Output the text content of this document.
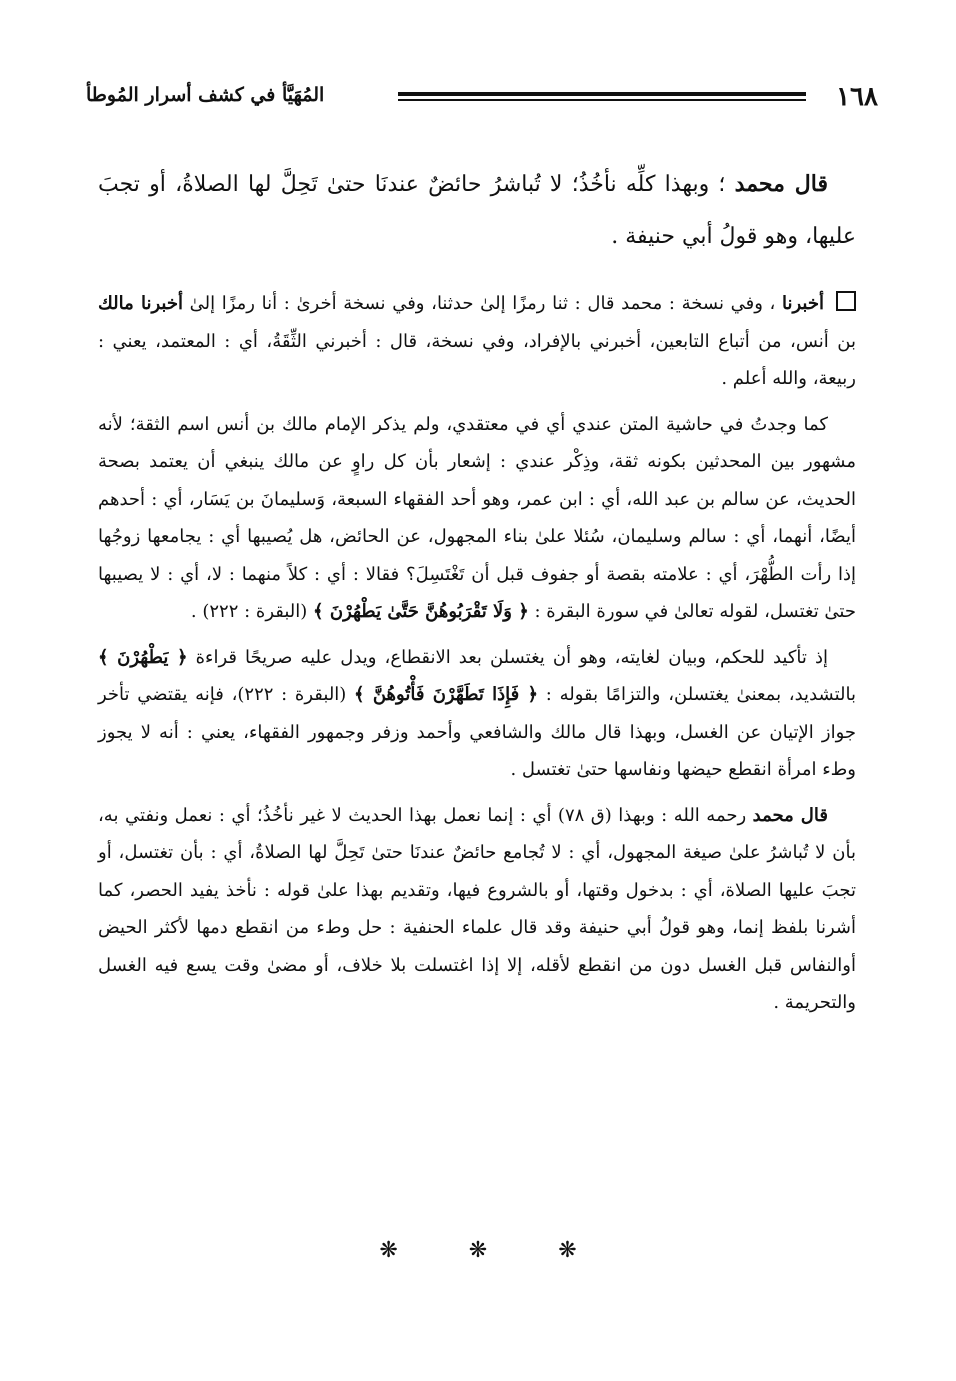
١٦٨
المُهَيَّأ في كشف أسرار المُوطأ

قال محمد ؛ وبهذا كلِّه نأخُذُ؛ لا تُباشرُ حائضٌ عندنَا حتىٰ تَحِلَّ لها الصلاةُ، أو تجبَ عليها، وهو قولُ أبي حنيفة .

أخبرنا ، وفي نسخة : محمد قال : ثنا رمزًا إلىٰ حدثنا، وفي نسخة أخرىٰ : أنا رمزًا إلىٰ أخبرنا مالك بن أنس، من أتباع التابعين، أخبرني بالإفراد، وفي نسخة، قال : أخبرني الثِّقَةُ، أي : المعتمد، يعني : ربيعة، والله أعلم .

كما وجدتُ في حاشية المتن عندي أي في معتقدي، ولم يذكر الإمام مالك بن أنس اسم الثقة؛ لأنه مشهور بين المحدثين بكونه ثقة، وذِكْر عندي : إشعار بأن كل راوٍ عن مالك ينبغي أن يعتمد بصحة الحديث، عن سالم بن عبد الله، أي : ابن عمر، وهو أحد الفقهاء السبعة، وَسليمانَ بن يَسَار، أي : أحدهم أيضًا، أنهما، أي : سالم وسليمان، سُئلا علىٰ بناء المجهول، عن الحائض، هل يُصيبها أي : يجامعها زوجُها إذا رأت الطُّهْرَ، أي : علامته بقصة أو جفوف قبل أن تَغْتَسِلَ؟ فقالا : أي : كلاً منهما : لا، أي : لا يصيبها حتىٰ تغتسل، لقوله تعالىٰ في سورة البقرة : ﴿ وَلَا تَقْرَبُوهُنَّ حَتَّىٰ يَطْهُرْنَ ﴾ (البقرة : ٢٢٢) .

إذ تأكيد للحكم، وبيان لغايته، وهو أن يغتسلن بعد الانقطاع، ويدل عليه صريحًا قراءة ﴿ يَطْهُرْنَ ﴾ بالتشديد، بمعنىٰ يغتسلن، والتزامًا بقوله : ﴿ فَإِذَا تَطَهَّرْنَ فَأْتُوهُنَّ ﴾ (البقرة : ٢٢٢)، فإنه يقتضي تأخر جواز الإتيان عن الغسل، وبهذا قال مالك والشافعي وأحمد وزفر وجمهور الفقهاء، يعني : أنه لا يجوز وطء امرأة انقطع حيضها ونفاسها حتىٰ تغتسل .

قال محمد رحمه الله : وبهذا (ق ٧٨) أي : إنما نعمل بهذا الحديث لا غير نأخُذُ؛ أي : نعمل ونفتي به، بأن لا تُباشرُ علىٰ صيغة المجهول، أي : لا تُجامع حائضٌ عندنَا حتىٰ تَحِلَّ لها الصلاةُ، أي : بأن تغتسل، أو تجبَ عليها الصلاة، أي : بدخول وقتها، أو بالشروع فيها، وتقديم بهذا علىٰ قوله : نأخذ يفيد الحصر، كما أشرنا بلفظ إنما، وهو قولُ أبي حنيفة وقد قال علماء الحنفية : حل وطء من انقطع دمها لأكثر الحيض أوالنفاس قبل الغسل دون من انقطع لأقله، إلا إذا اغتسلت بلا خلاف، أو مضىٰ وقت يسع فيه الغسل والتحريمة .

❋	❋	❋
